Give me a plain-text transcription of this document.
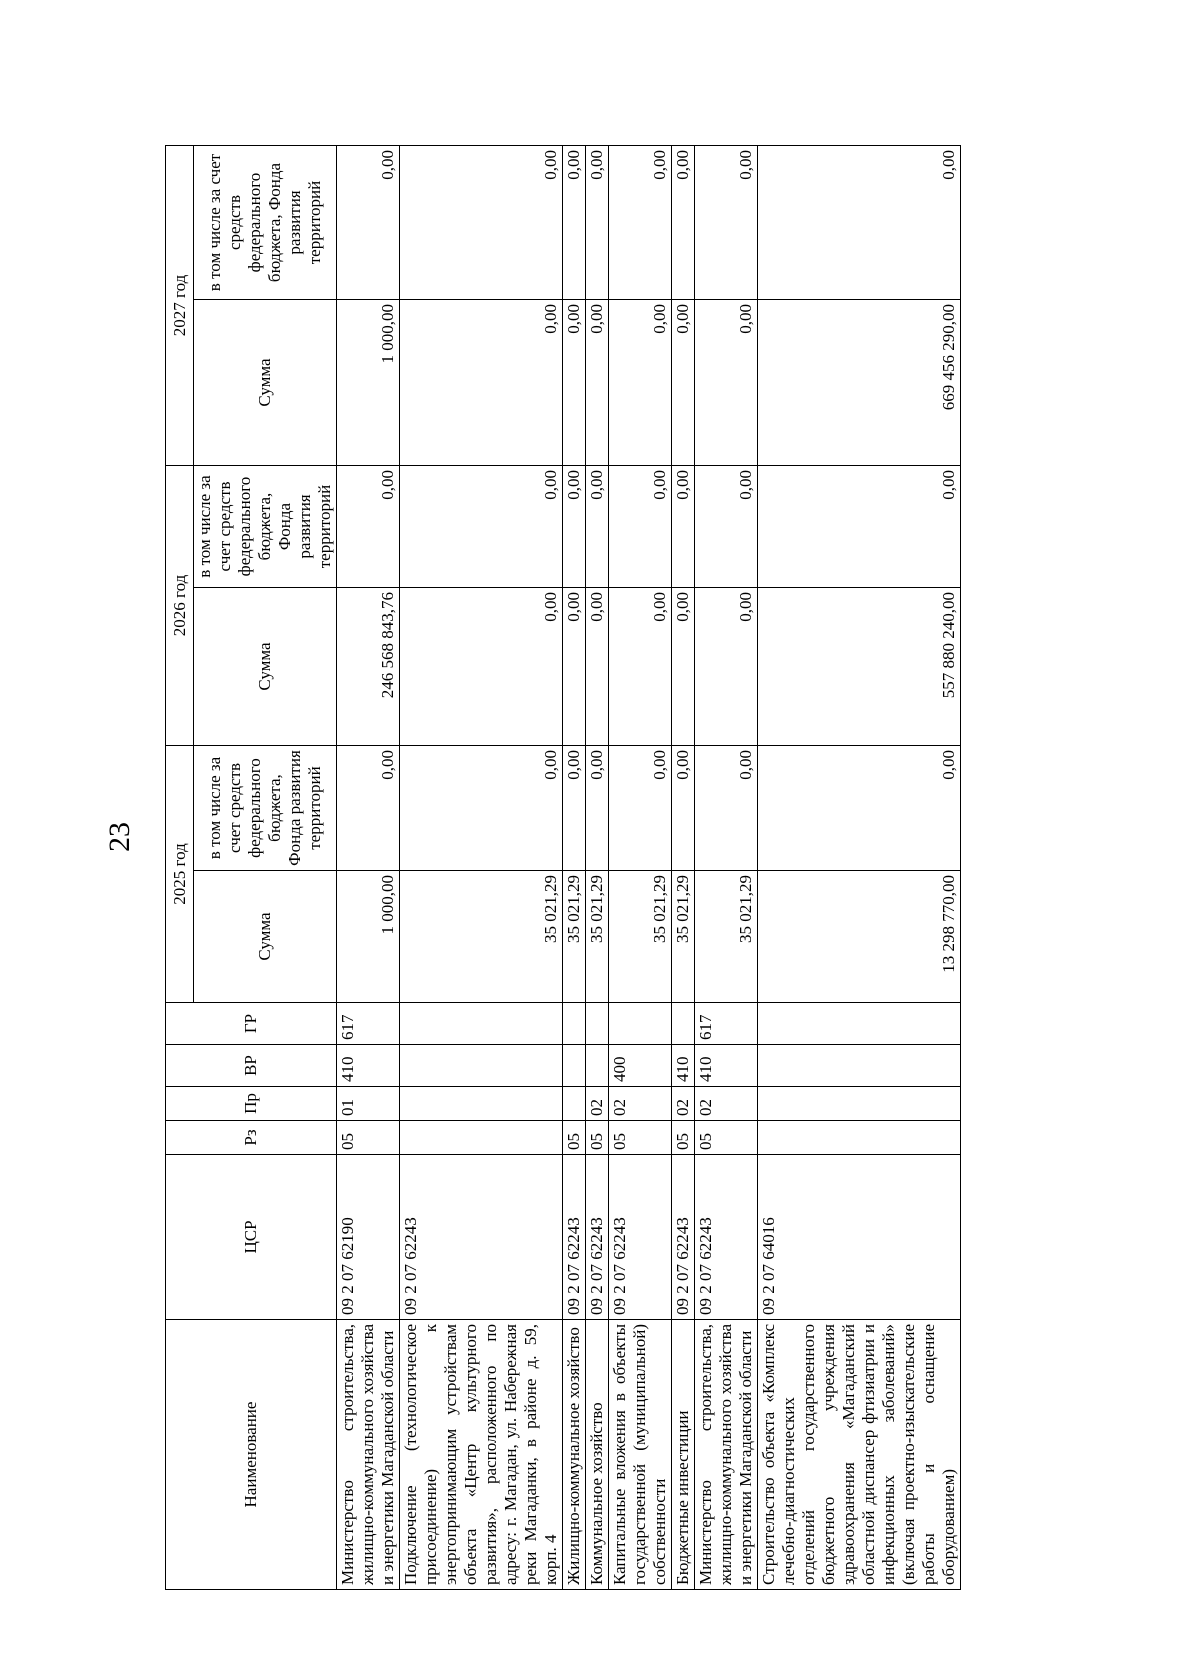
23
Наименование	ЦСР	Рз	Пр	ВР	ГР	2025 год		2026 год		2027 год	
						Сумма	в том числе за счет средств федерального бюджета, Фонда развития территорий	Сумма	в том числе за счет средств федерального бюджета, Фонда развития территорий	Сумма	в том числе за счет средств федерального бюджета, Фонда развития территорий
Министерство строительства, жилищно-коммунального хозяйства и энергетики Магаданской области	09 2 07 62190	05	01	410	617	1 000,00	0,00	246 568 843,76	0,00	1 000,00	0,00
Подключение (технологическое присоединение) к энергопринимающим устройствам объекта «Центр культурного развития», расположенного по адресу: г. Магадан, ул. Набережная реки Магаданки, в районе д. 59, корп. 4	09 2 07 62243					35 021,29	0,00	0,00	0,00	0,00	0,00
Жилищно-коммунальное хозяйство	09 2 07 62243	05				35 021,29	0,00	0,00	0,00	0,00	0,00
Коммунальное хозяйство	09 2 07 62243	05	02			35 021,29	0,00	0,00	0,00	0,00	0,00
Капитальные вложения в объекты государственной (муниципальной) собственности	09 2 07 62243	05	02	400		35 021,29	0,00	0,00	0,00	0,00	0,00
Бюджетные инвестиции	09 2 07 62243	05	02	410		35 021,29	0,00	0,00	0,00	0,00	0,00
Министерство строительства, жилищно-коммунального хозяйства и энергетики Магаданской области	09 2 07 62243	05	02	410	617	35 021,29	0,00	0,00	0,00	0,00	0,00
Строительство объекта «Комплекс лечебно-диагностических отделений государственного бюджетного учреждения здравоохранения «Магаданский областной диспансер фтизиатрии и инфекционных заболеваний» (включая проектно-изыскательские работы и оснащение оборудованием)	09 2 07 64016					13 298 770,00	0,00	557 880 240,00	0,00	669 456 290,00	0,00
